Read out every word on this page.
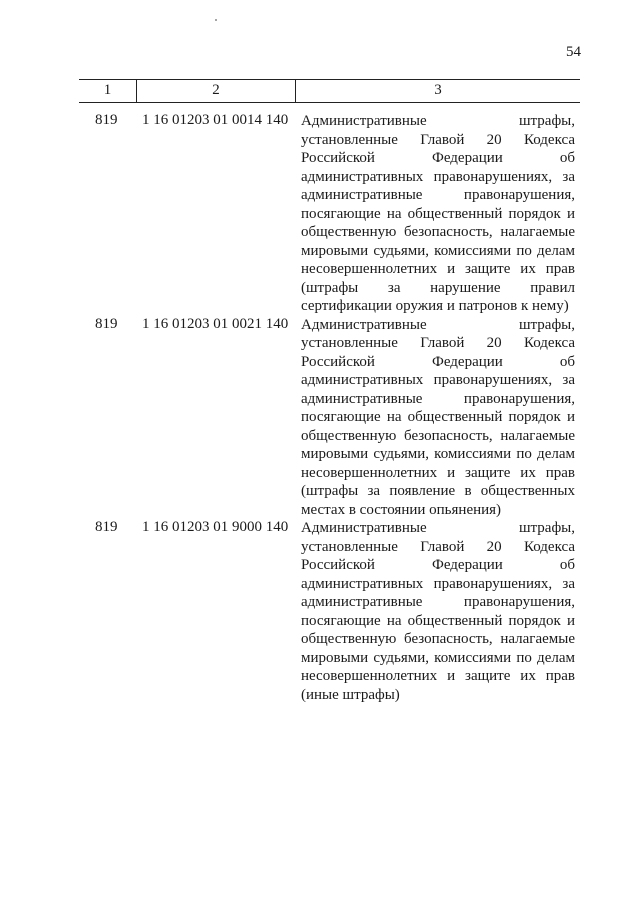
54
1	2	3
819 1 16 01203 01 0014 140 Административные штрафы,
установленные Главой 20 Кодекса
Российской Федерации об
административных правонарушениях, за
административные правонарушения,
посягающие на общественный порядок и
общественную безопасность, налагаемые
мировыми судьями, комиссиями по делам
несовершеннолетних и защите их прав
(штрафы за нарушение правил
сертификации оружия и патронов к нему)
819 1 16 01203 01 0021 140 Административные штрафы,
установленные Главой 20 Кодекса
Российской Федерации об
административных правонарушениях, за
административные правонарушения,
посягающие на общественный порядок и
общественную безопасность, налагаемые
мировыми судьями, комиссиями по делам
несовершеннолетних и защите их прав
(штрафы за появление в общественных
местах в состоянии опьянения)
819 1 16 01203 01 9000 140 Административные штрафы,
установленные Главой 20 Кодекса
Российской Федерации об
административных правонарушениях, за
административные правонарушения,
посягающие на общественный порядок и
общественную безопасность, налагаемые
мировыми судьями, комиссиями по делам
несовершеннолетних и защите их прав
(иные штрафы)
